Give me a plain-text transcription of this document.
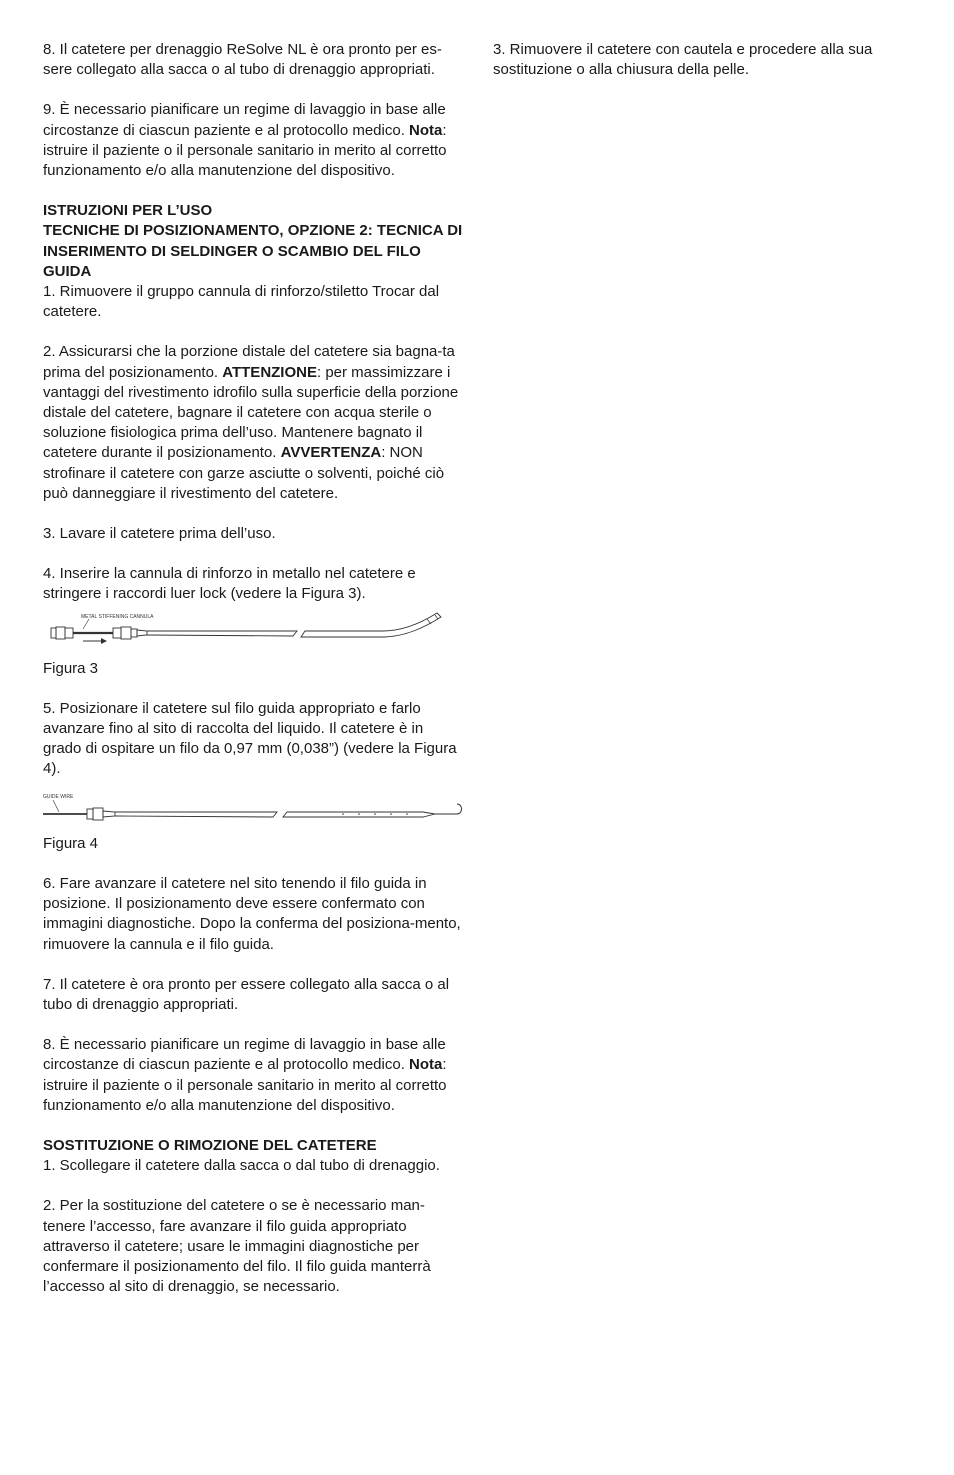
8. Il catetere per drenaggio ReSolve NL è ora pronto per es-
sere collegato alla sacca o al tubo di drenaggio appropriati.

9. È necessario pianificare un regime di lavaggio in base alle circostanze di ciascun paziente e al protocollo medico. Nota: istruire il paziente o il personale sanitario in merito al corretto funzionamento e/o alla manutenzione del dispositivo.

ISTRUZIONI PER L’USO

TECNICHE DI POSIZIONAMENTO, OPZIONE 2: TECNICA DI INSERIMENTO DI SELDINGER O SCAMBIO DEL FILO GUIDA

1. Rimuovere il gruppo cannula di rinforzo/stiletto Trocar dal catetere.

2. Assicurarsi che la porzione distale del catetere sia bagna-ta prima del posizionamento. ATTENZIONE: per massimizzare i vantaggi del rivestimento idrofilo sulla superficie della porzione distale del catetere, bagnare il catetere con acqua sterile o soluzione fisiologica prima dell’uso. Mantenere bagnato il catetere durante il posizionamento. AVVERTENZA: NON strofinare il catetere con garze asciutte o solventi, poiché ciò può danneggiare il rivestimento del catetere.

3. Lavare il catetere prima dell’uso.

4. Inserire la cannula di rinforzo in metallo nel catetere e stringere i raccordi luer lock (vedere la Figura 3).

METAL STIFFENING CANNULA

Figura 3

5. Posizionare il catetere sul filo guida appropriato e farlo avanzare fino al sito di raccolta del liquido. Il catetere è in grado di ospitare un filo da 0,97 mm (0,038”) (vedere la Figura 4).

GUIDE WIRE

Figura 4

6. Fare avanzare il catetere nel sito tenendo il filo guida in posizione. Il posizionamento deve essere confermato con immagini diagnostiche. Dopo la conferma del posiziona-mento, rimuovere la cannula e il filo guida.

7. Il catetere è ora pronto per essere collegato alla sacca o al tubo di drenaggio appropriati.

8. È necessario pianificare un regime di lavaggio in base alle circostanze di ciascun paziente e al protocollo medico. Nota: istruire il paziente o il personale sanitario in merito al corretto funzionamento e/o alla manutenzione del dispositivo.

SOSTITUZIONE O RIMOZIONE DEL CATETERE

1. Scollegare il catetere dalla sacca o dal tubo di drenaggio.

2. Per la sostituzione del catetere o se è necessario man-tenere l’accesso, fare avanzare il filo guida appropriato attraverso il catetere; usare le immagini diagnostiche per confermare il posizionamento del filo. Il filo guida manterrà l’accesso al sito di drenaggio, se necessario.

3. Rimuovere il catetere con cautela e procedere alla sua sostituzione o alla chiusura della pelle.
